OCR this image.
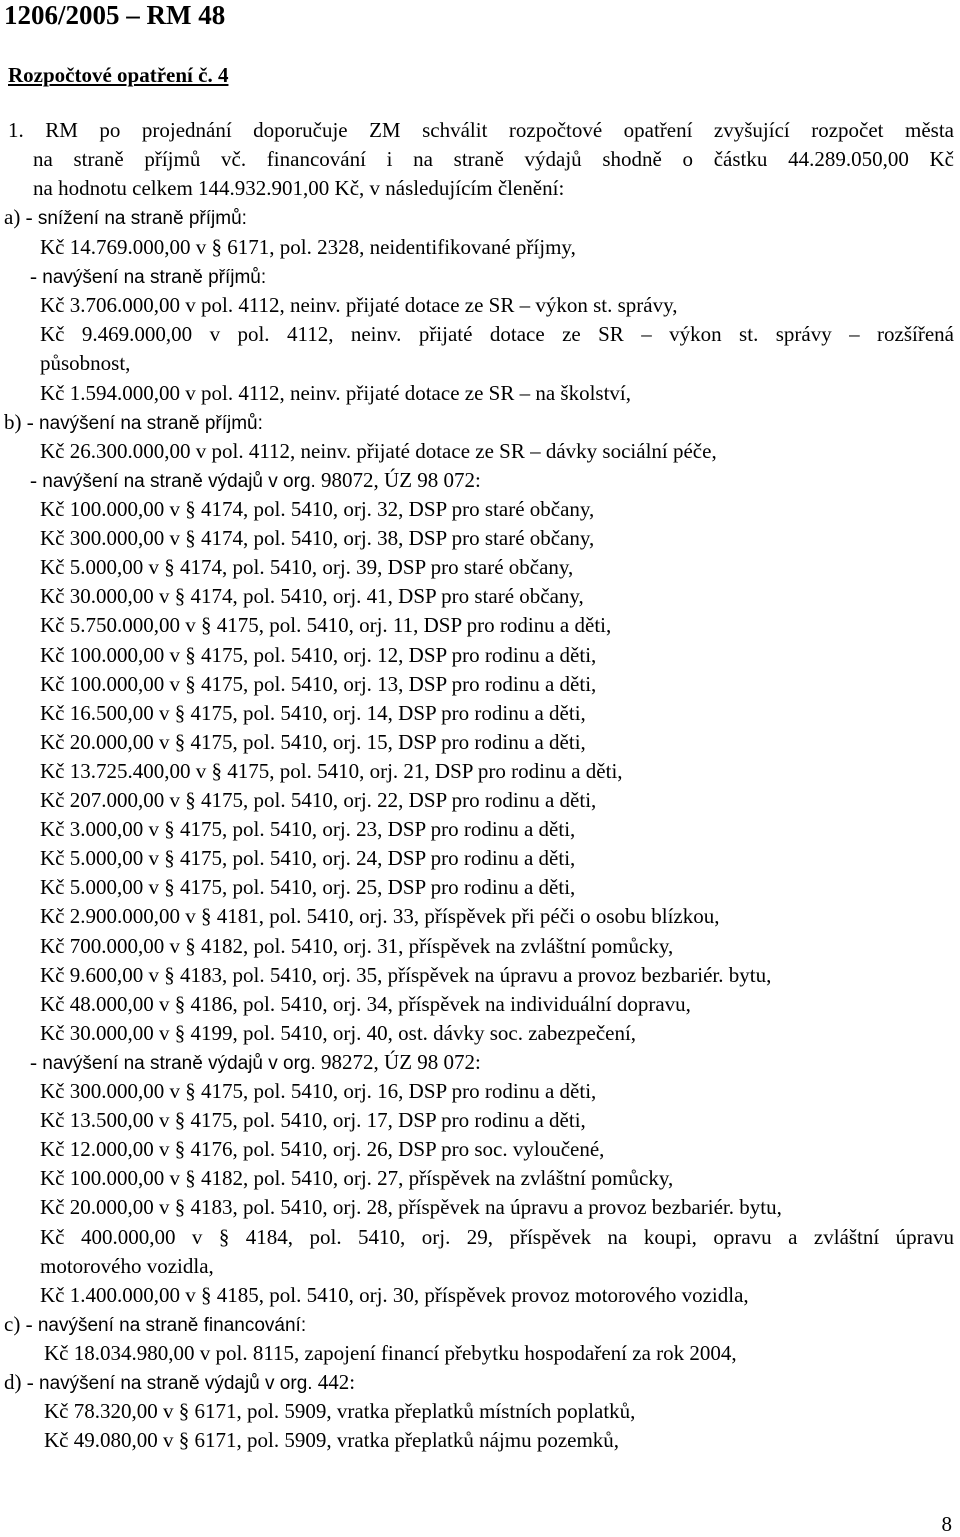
1206/2005 – RM 48
Rozpočtové opatření č. 4
1. RM po projednání doporučuje ZM schválit rozpočtové opatření zvyšující rozpočet města
na straně příjmů vč. financování i na straně výdajů shodně o částku 44.289.050,00 Kč
na hodnotu celkem 144.932.901,00 Kč, v následujícím členění:
a) - snížení na straně příjmů:
Kč 14.769.000,00 v § 6171, pol. 2328, neidentifikované příjmy,
- navýšení na straně příjmů:
Kč 3.706.000,00 v pol. 4112, neinv. přijaté dotace ze SR – výkon st. správy,
Kč 9.469.000,00 v pol. 4112, neinv. přijaté dotace ze SR – výkon st. správy – rozšířená
působnost,
Kč 1.594.000,00 v pol. 4112, neinv. přijaté dotace ze SR – na školství,
b) - navýšení na straně příjmů:
Kč 26.300.000,00 v pol. 4112, neinv. přijaté dotace ze SR – dávky sociální péče,
- navýšení na straně výdajů v org. 98072, ÚZ 98 072:
Kč 100.000,00 v § 4174, pol. 5410, orj. 32, DSP pro staré občany,
Kč 300.000,00 v § 4174, pol. 5410, orj. 38, DSP pro staré občany,
Kč 5.000,00 v § 4174, pol. 5410, orj. 39, DSP pro staré občany,
Kč 30.000,00 v § 4174, pol. 5410, orj. 41, DSP pro staré občany,
Kč 5.750.000,00 v § 4175, pol. 5410, orj. 11, DSP pro rodinu a děti,
Kč 100.000,00 v § 4175, pol. 5410, orj. 12, DSP pro rodinu a děti,
Kč 100.000,00 v § 4175, pol. 5410, orj. 13, DSP pro rodinu a děti,
Kč 16.500,00 v § 4175, pol. 5410, orj. 14, DSP pro rodinu a děti,
Kč 20.000,00 v § 4175, pol. 5410, orj. 15, DSP pro rodinu a děti,
Kč 13.725.400,00 v § 4175, pol. 5410, orj. 21, DSP pro rodinu a děti,
Kč 207.000,00 v § 4175, pol. 5410, orj. 22, DSP pro rodinu a děti,
Kč 3.000,00 v § 4175, pol. 5410, orj. 23, DSP pro rodinu a děti,
Kč 5.000,00 v § 4175, pol. 5410, orj. 24, DSP pro rodinu a děti,
Kč 5.000,00 v § 4175, pol. 5410, orj. 25, DSP pro rodinu a děti,
Kč 2.900.000,00 v § 4181, pol. 5410, orj. 33, příspěvek při péči o osobu blízkou,
Kč 700.000,00 v § 4182, pol. 5410, orj. 31, příspěvek na zvláštní pomůcky,
Kč 9.600,00 v § 4183, pol. 5410, orj. 35, příspěvek na úpravu a provoz bezbariér. bytu,
Kč 48.000,00 v § 4186, pol. 5410, orj. 34, příspěvek na individuální dopravu,
Kč 30.000,00 v § 4199, pol. 5410, orj. 40, ost. dávky soc. zabezpečení,
- navýšení na straně výdajů v org. 98272, ÚZ 98 072:
Kč 300.000,00 v § 4175, pol. 5410, orj. 16, DSP pro rodinu a děti,
Kč 13.500,00 v § 4175, pol. 5410, orj. 17, DSP pro rodinu a děti,
Kč 12.000,00 v § 4176, pol. 5410, orj. 26, DSP pro soc. vyloučené,
Kč 100.000,00 v § 4182, pol. 5410, orj. 27, příspěvek na zvláštní pomůcky,
Kč 20.000,00 v § 4183, pol. 5410, orj. 28, příspěvek na úpravu a provoz bezbariér. bytu,
Kč 400.000,00 v § 4184, pol. 5410, orj. 29, příspěvek na koupi, opravu a zvláštní úpravu
motorového vozidla,
Kč 1.400.000,00 v § 4185, pol. 5410, orj. 30, příspěvek provoz motorového vozidla,
c) - navýšení na straně financování:
Kč 18.034.980,00 v pol. 8115, zapojení financí přebytku hospodaření za rok 2004,
d) - navýšení na straně výdajů v org. 442:
Kč 78.320,00 v § 6171, pol. 5909, vratka přeplatků místních poplatků,
Kč 49.080,00 v § 6171, pol. 5909, vratka přeplatků nájmu pozemků,
8
